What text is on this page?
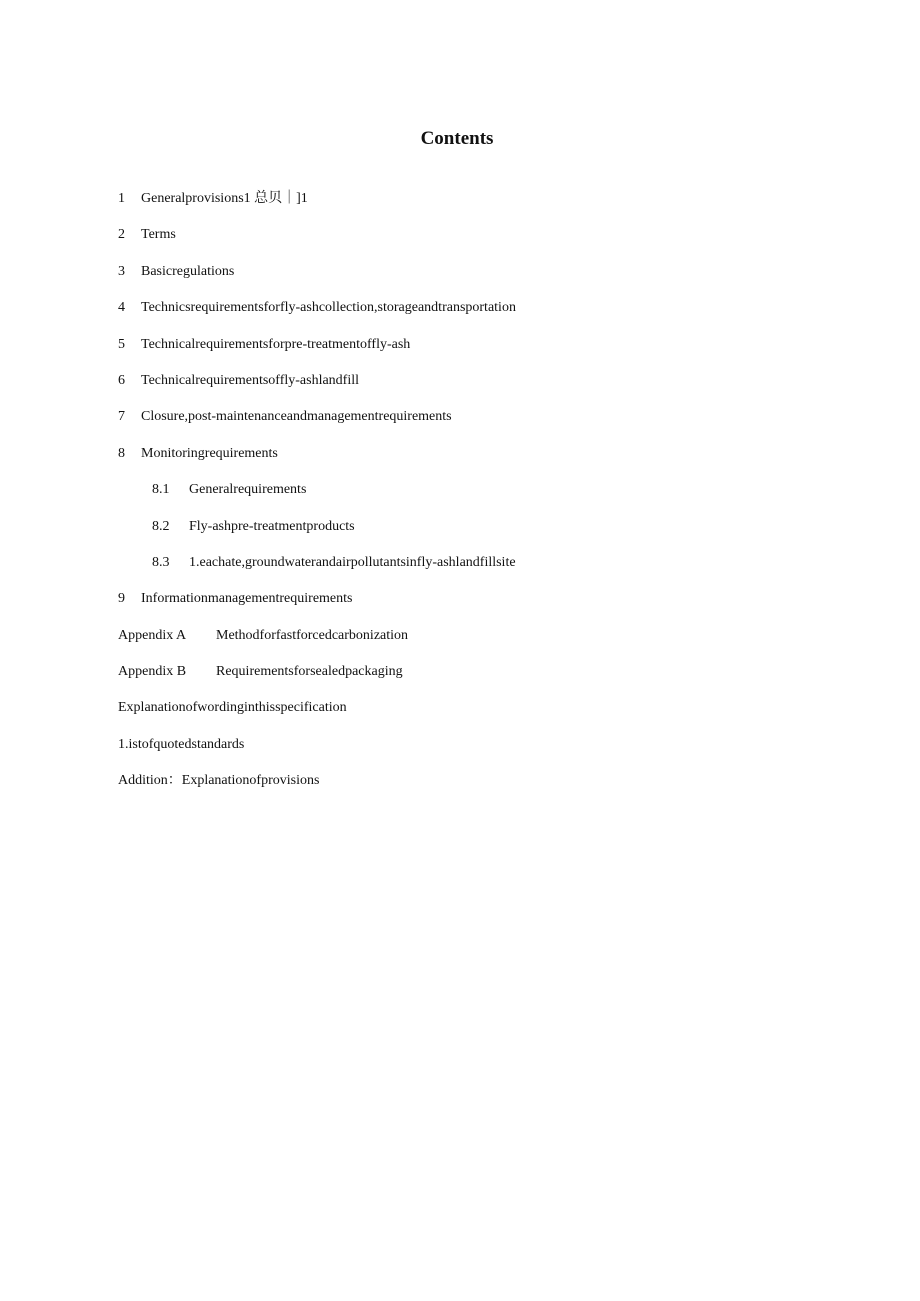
Contents
1	Generalprovisions1 总贝｜]1
2	Terms
3	Basicregulations
4	Technicsrequirementsforfly-ashcollection,storageandtransportation
5	Technicalrequirementsforpre-treatmentoffly-ash
6	Technicalrequirementsoffly-ashlandfill
7	Closure,post-maintenanceandmanagementrequirements
8	Monitoringrequirements
8.1	Generalrequirements
8.2	Fly-ashpre-treatmentproducts
8.3	1.eachate,groundwaterandairpollutantsinfly-ashlandfillsite
9	Informationmanagementrequirements
Appendix A	Methodforfastforcedcarbonization
Appendix B	Requirementsforsealedpackaging
Explanationofwordinginthisspecification
1.istofquotedstandards
Addition：Explanationofprovisions
